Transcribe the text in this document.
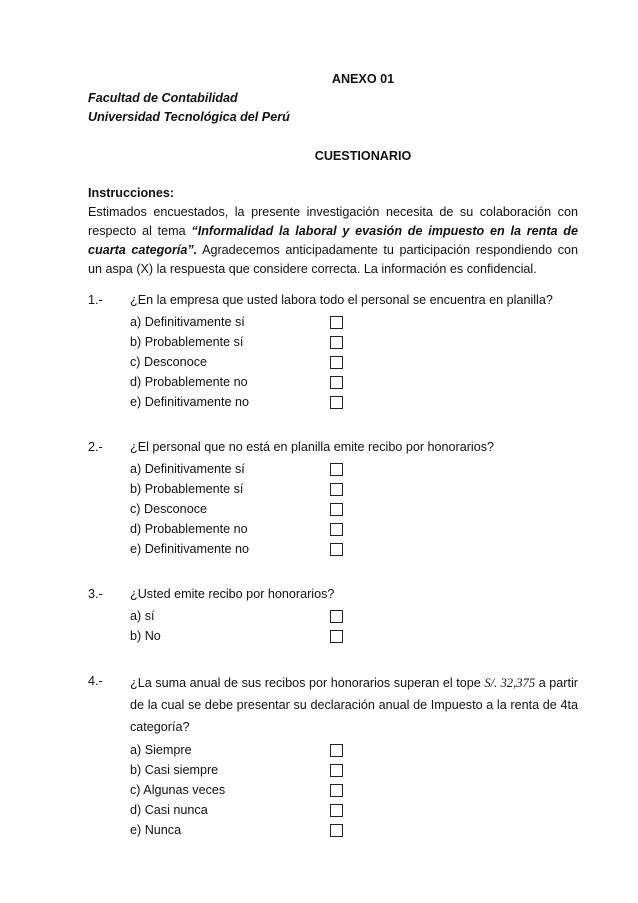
ANEXO 01
Facultad de Contabilidad
Universidad Tecnológica del Perú
CUESTIONARIO
Instrucciones:
Estimados encuestados, la presente investigación necesita de su colaboración con respecto al tema “Informalidad la laboral y evasión de impuesto en la renta de cuarta categoría”. Agradecemos anticipadamente tu participación respondiendo con un aspa (X) la respuesta que considere correcta. La información es confidencial.
1.-	¿En la empresa que usted labora todo el personal se encuentra en planilla?
a) Definitivamente sí
b) Probablemente sí
c) Desconoce
d) Probablemente no
e) Definitivamente no
2.-	¿El personal que no está en planilla emite recibo por honorarios?
a) Definitivamente sí
b) Probablemente sí
c) Desconoce
d) Probablemente no
e) Definitivamente no
3.-	¿Usted emite recibo por honorarios?
a) sí
b) No
4.-	¿La suma anual de sus recibos por honorarios superan el tope S/. 32,375 a partir de la cual se debe presentar su declaración anual de Impuesto a la renta de 4ta categoría?
a) Siempre
b) Casi siempre
c) Algunas veces
d) Casi nunca
e) Nunca
